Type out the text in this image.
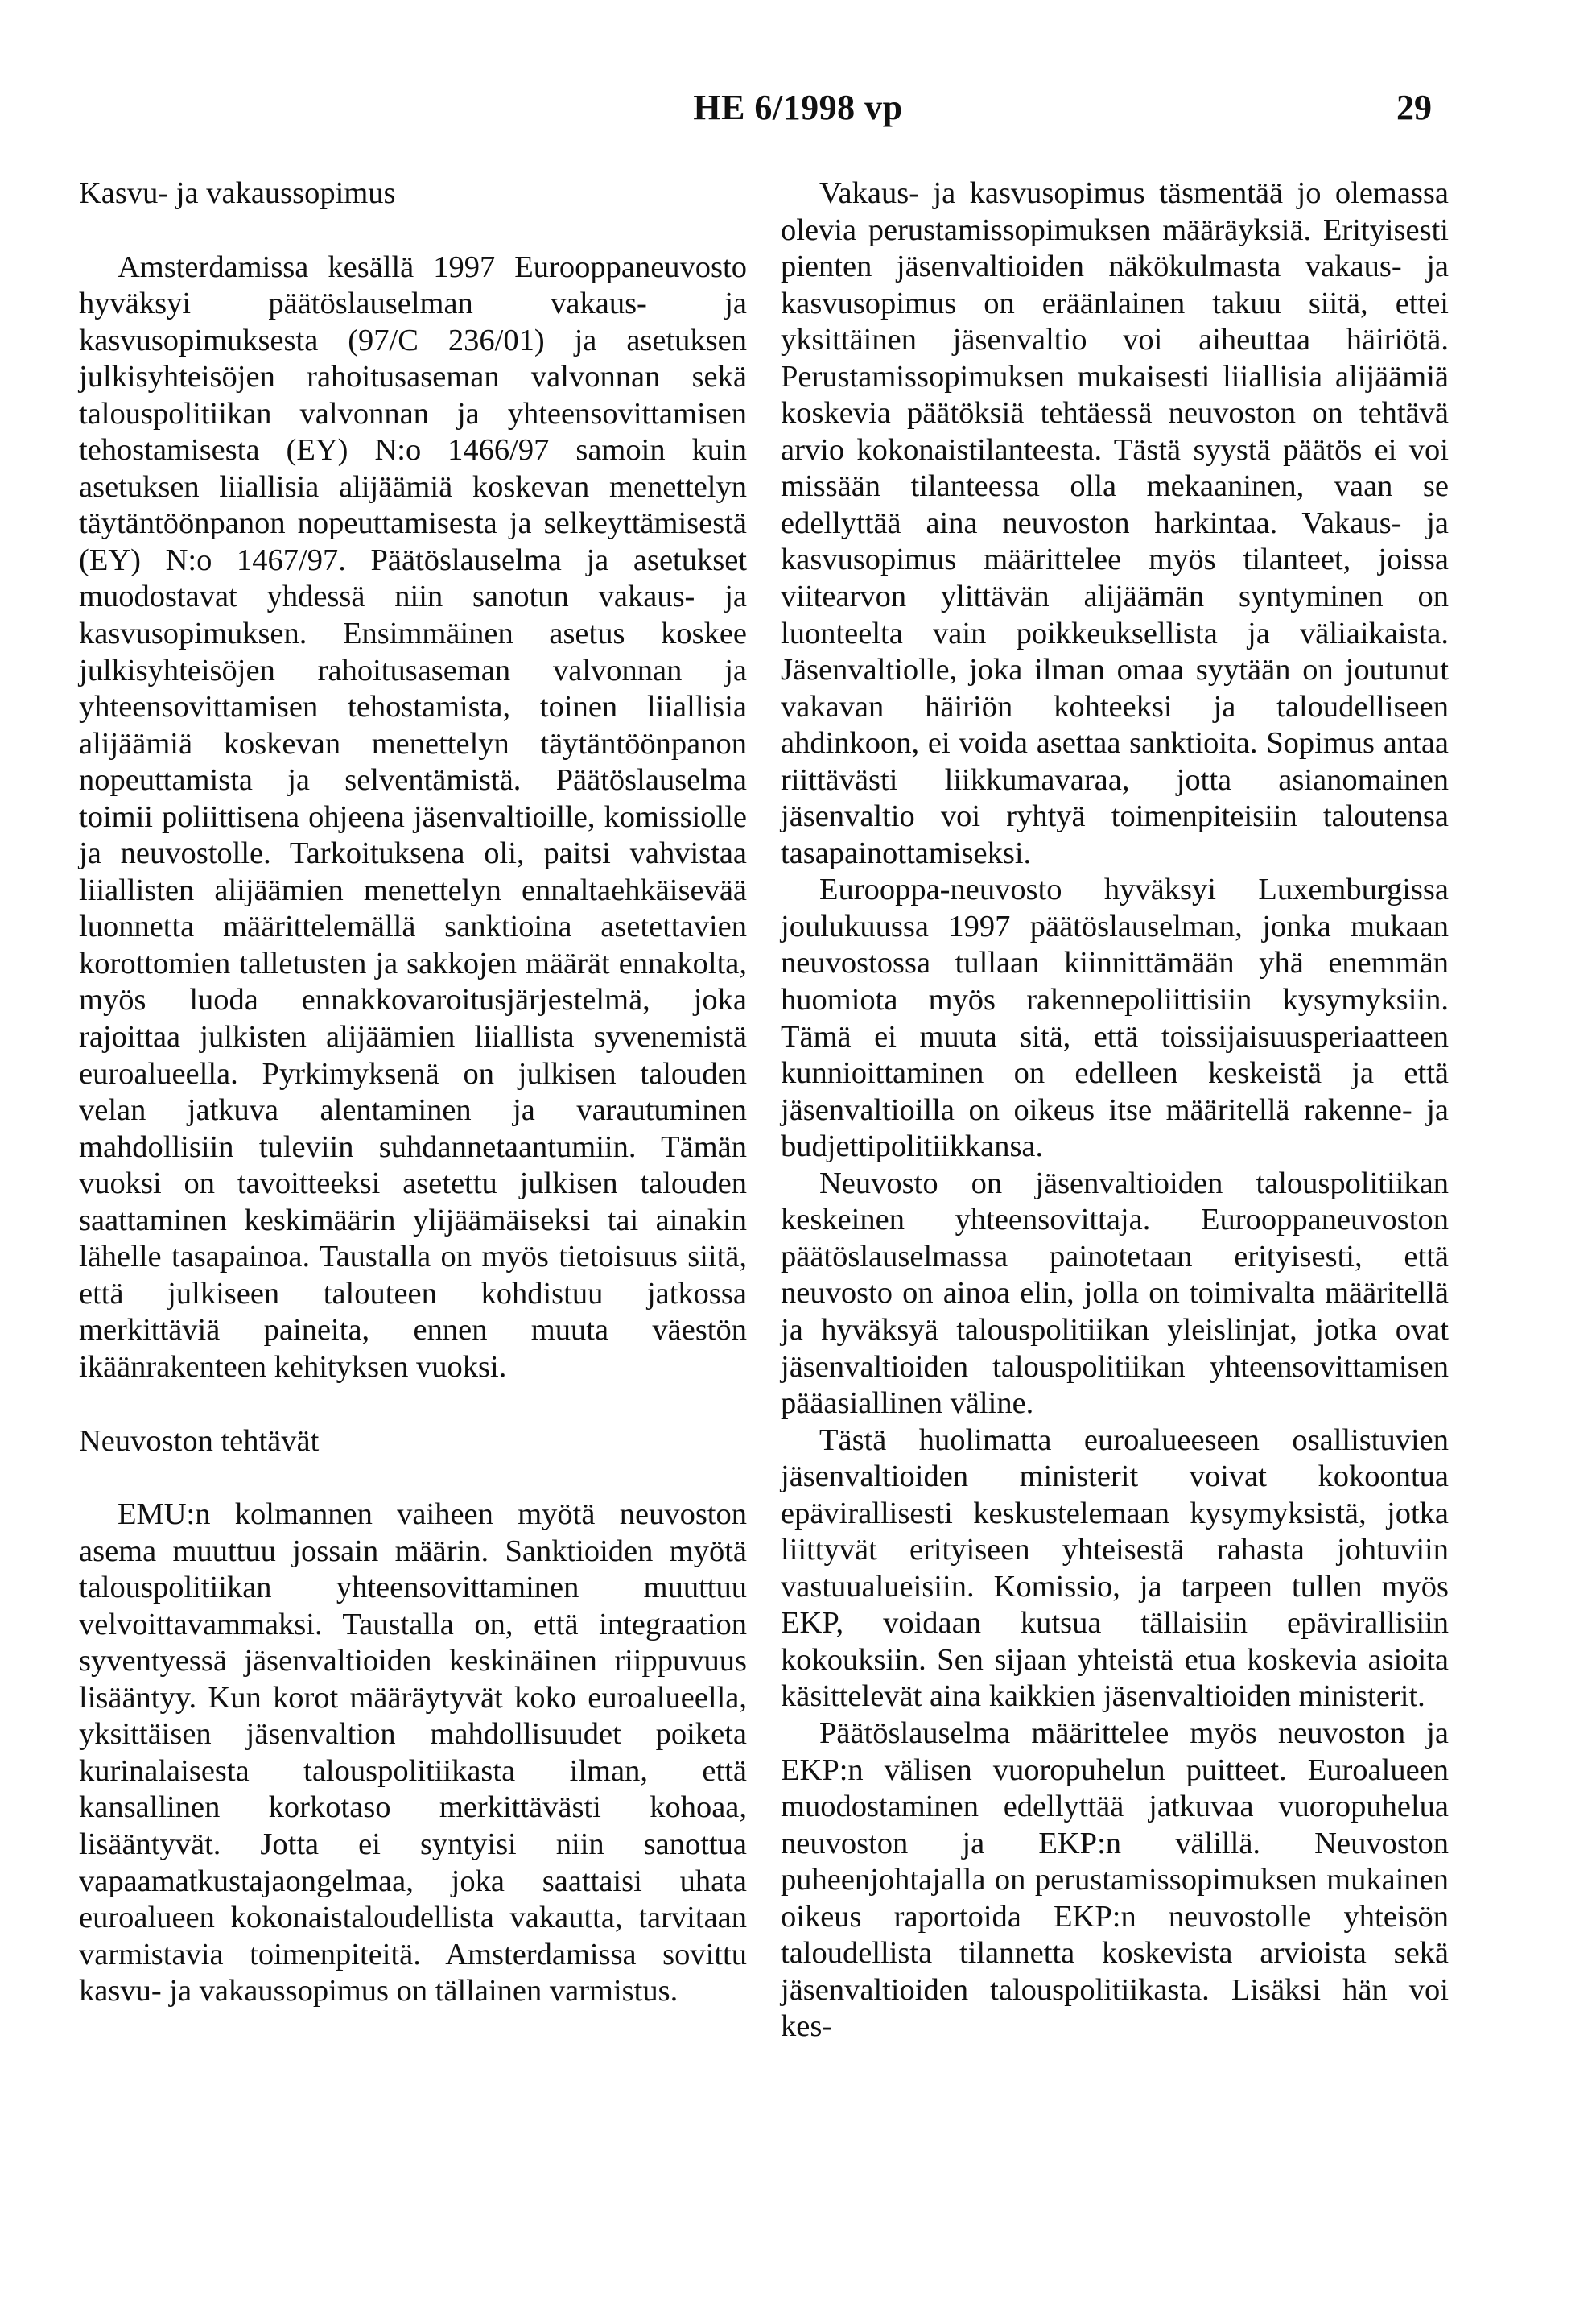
HE 6/1998 vp	29

Kasvu- ja vakaussopimus

Amsterdamissa kesällä 1997 Eurooppaneuvosto hyväksyi päätöslauselman vakaus- ja kasvusopimuksesta (97/C 236/01) ja asetuksen julkisyhteisöjen rahoitusaseman valvonnan sekä talouspolitiikan valvonnan ja yhteensovittamisen tehostamisesta (EY) N:o 1466/97 samoin kuin asetuksen liiallisia alijäämiä koskevan menettelyn täytäntöönpanon nopeuttamisesta ja selkeyttämisestä (EY) N:o 1467/97. Päätöslauselma ja asetukset muodostavat yhdessä niin sanotun vakaus- ja kasvusopimuksen. Ensimmäinen asetus koskee julkisyhteisöjen rahoitusaseman valvonnan ja yhteensovittamisen tehostamista, toinen liiallisia alijäämiä koskevan menettelyn täytäntöönpanon nopeuttamista ja selventämistä. Päätöslauselma toimii poliittisena ohjeena jäsenvaltioille, komissiolle ja neuvostolle. Tarkoituksena oli, paitsi vahvistaa liiallisten alijäämien menettelyn ennaltaehkäisevää luonnetta määrittelemällä sanktioina asetettavien korottomien talletusten ja sakkojen määrät ennakolta, myös luoda ennakkovaroitusjärjestelmä, joka rajoittaa julkisten alijäämien liiallista syvenemistä euroalueella. Pyrkimyksenä on julkisen talouden velan jatkuva alentaminen ja varautuminen mahdollisiin tuleviin suhdannetaantumiin. Tämän vuoksi on tavoitteeksi asetettu julkisen talouden saattaminen keskimäärin ylijäämäiseksi tai ainakin lähelle tasapainoa. Taustalla on myös tietoisuus siitä, että julkiseen talouteen kohdistuu jatkossa merkittäviä paineita, ennen muuta väestön ikäänrakenteen kehityksen vuoksi.

Neuvoston tehtävät

EMU:n kolmannen vaiheen myötä neuvoston asema muuttuu jossain määrin. Sanktioiden myötä talouspolitiikan yhteensovittaminen muuttuu velvoittavammaksi. Taustalla on, että integraation syventyessä jäsenvaltioiden keskinäinen riippuvuus lisääntyy. Kun korot määräytyvät koko euroalueella, yksittäisen jäsenvaltion mahdollisuudet poiketa kurinalaisesta talouspolitiikasta ilman, että kansallinen korkotaso merkittävästi kohoaa, lisääntyvät. Jotta ei syntyisi niin sanottua vapaamatkustajaongelmaa, joka saattaisi uhata euroalueen kokonaistaloudellista vakautta, tarvitaan varmistavia toimenpiteitä. Amsterdamissa sovittu kasvu- ja vakaussopimus on tällainen varmistus.

Vakaus- ja kasvusopimus täsmentää jo olemassa olevia perustamissopimuksen määräyksiä. Erityisesti pienten jäsenvaltioiden näkökulmasta vakaus- ja kasvusopimus on eräänlainen takuu siitä, ettei yksittäinen jäsenvaltio voi aiheuttaa häiriötä. Perustamissopimuksen mukaisesti liiallisia alijäämiä koskevia päätöksiä tehtäessä neuvoston on tehtävä arvio kokonaistilanteesta. Tästä syystä päätös ei voi missään tilanteessa olla mekaaninen, vaan se edellyttää aina neuvoston harkintaa. Vakaus- ja kasvusopimus määrittelee myös tilanteet, joissa viitearvon ylittävän alijäämän syntyminen on luonteelta vain poikkeuksellista ja väliaikaista. Jäsenvaltiolle, joka ilman omaa syytään on joutunut vakavan häiriön kohteeksi ja taloudelliseen ahdinkoon, ei voida asettaa sanktioita. Sopimus antaa riittävästi liikkumavaraa, jotta asianomainen jäsenvaltio voi ryhtyä toimenpiteisiin taloutensa tasapainottamiseksi.

Eurooppa-neuvosto hyväksyi Luxemburgissa joulukuussa 1997 päätöslauselman, jonka mukaan neuvostossa tullaan kiinnittämään yhä enemmän huomiota myös rakennepoliittisiin kysymyksiin. Tämä ei muuta sitä, että toissijaisuusperiaatteen kunnioittaminen on edelleen keskeistä ja että jäsenvaltioilla on oikeus itse määritellä rakenne- ja budjettipolitiikkansa.

Neuvosto on jäsenvaltioiden talouspolitiikan keskeinen yhteensovittaja. Eurooppaneuvoston päätöslauselmassa painotetaan erityisesti, että neuvosto on ainoa elin, jolla on toimivalta määritellä ja hyväksyä talouspolitiikan yleislinjat, jotka ovat jäsenvaltioiden talouspolitiikan yhteensovittamisen pääasiallinen väline.

Tästä huolimatta euroalueeseen osallistuvien jäsenvaltioiden ministerit voivat kokoontua epävirallisesti keskustelemaan kysymyksistä, jotka liittyvät erityiseen yhteisestä rahasta johtuviin vastuualueisiin. Komissio, ja tarpeen tullen myös EKP, voidaan kutsua tällaisiin epävirallisiin kokouksiin. Sen sijaan yhteistä etua koskevia asioita käsittelevät aina kaikkien jäsenvaltioiden ministerit.

Päätöslauselma määrittelee myös neuvoston ja EKP:n välisen vuoropuhelun puitteet. Euroalueen muodostaminen edellyttää jatkuvaa vuoropuhelua neuvoston ja EKP:n välillä. Neuvoston puheenjohtajalla on perustamissopimuksen mukainen oikeus raportoida EKP:n neuvostolle yhteisön taloudellista tilannetta koskevista arvioista sekä jäsenvaltioiden talouspolitiikasta. Lisäksi hän voi kes-
